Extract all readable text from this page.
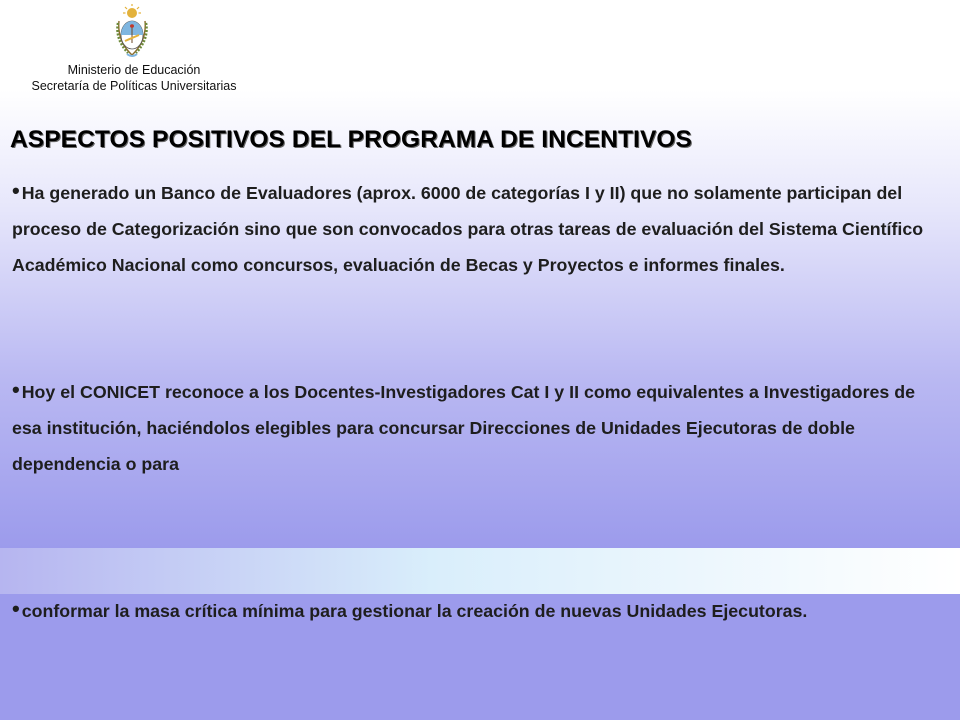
Ministerio de Educación
Secretaría de Políticas Universitarias
ASPECTOS POSITIVOS DEL PROGRAMA DE INCENTIVOS

• Ha generado un Banco de Evaluadores (aprox. 6000 de categorías I y II) que no solamente participan del proceso de Categorización sino que son convocados para otras tareas de evaluación del Sistema Científico Académico Nacional como concursos, evaluación de Becas y Proyectos e informes finales.

• Hoy el CONICET reconoce a los Docentes-Investigadores Cat I y II como equivalentes a Investigadores de esa institución, haciéndolos elegibles para concursar Direcciones de Unidades Ejecutoras de doble dependencia o para

• conformar la masa crítica mínima para gestionar la creación de nuevas Unidades Ejecutoras.
